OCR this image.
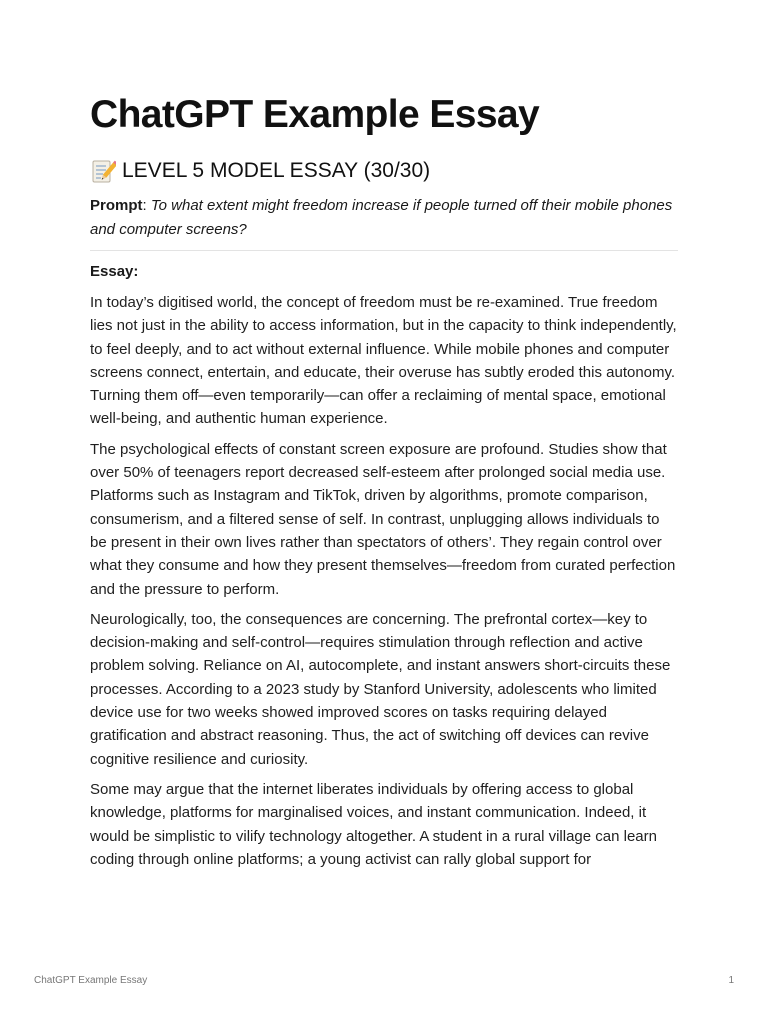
ChatGPT Example Essay
LEVEL 5 MODEL ESSAY (30/30)

Prompt: To what extent might freedom increase if people turned off their mobile phones and computer screens?

Essay:

In today’s digitised world, the concept of freedom must be re-examined. True freedom lies not just in the ability to access information, but in the capacity to think independently, to feel deeply, and to act without external influence. While mobile phones and computer screens connect, entertain, and educate, their overuse has subtly eroded this autonomy. Turning them off—even temporarily—can offer a reclaiming of mental space, emotional well-being, and authentic human experience.

The psychological effects of constant screen exposure are profound. Studies show that over 50% of teenagers report decreased self-esteem after prolonged social media use. Platforms such as Instagram and TikTok, driven by algorithms, promote comparison, consumerism, and a filtered sense of self. In contrast, unplugging allows individuals to be present in their own lives rather than spectators of others’. They regain control over what they consume and how they present themselves—freedom from curated perfection and the pressure to perform.

Neurologically, too, the consequences are concerning. The prefrontal cortex—key to decision-making and self-control—requires stimulation through reflection and active problem solving. Reliance on AI, autocomplete, and instant answers short-circuits these processes. According to a 2023 study by Stanford University, adolescents who limited device use for two weeks showed improved scores on tasks requiring delayed gratification and abstract reasoning. Thus, the act of switching off devices can revive cognitive resilience and curiosity.

Some may argue that the internet liberates individuals by offering access to global knowledge, platforms for marginalised voices, and instant communication. Indeed, it would be simplistic to vilify technology altogether. A student in a rural village can learn coding through online platforms; a young activist can rally global support for

ChatGPT Example Essay	1
